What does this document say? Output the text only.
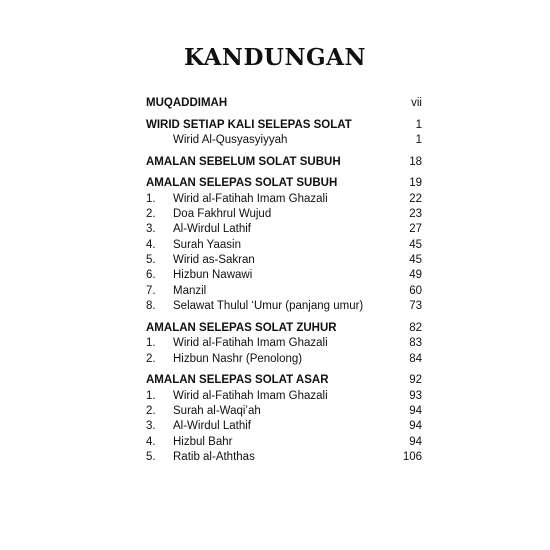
KANDUNGAN
MUQADDIMAH	vii
WIRID SETIAP KALI SELEPAS SOLAT	1
Wirid Al-Qusyasyiyyah	1
AMALAN SEBELUM SOLAT SUBUH	18
AMALAN SELEPAS SOLAT SUBUH	19
1. Wirid al-Fatihah Imam Ghazali	22
2. Doa Fakhrul Wujud	23
3. Al-Wirdul Lathif	27
4. Surah Yaasin	45
5. Wirid as-Sakran	45
6. Hizbun Nawawi	49
7. Manzil	60
8. Selawat Thulul ‘Umur (panjang umur)	73
AMALAN SELEPAS SOLAT ZUHUR	82
1. Wirid al-Fatihah Imam Ghazali	83
2. Hizbun Nashr (Penolong)	84
AMALAN SELEPAS SOLAT ASAR	92
1. Wirid al-Fatihah Imam Ghazali	93
2. Surah al-Waqi’ah	94
3. Al-Wirdul Lathif	94
4. Hizbul Bahr	94
5. Ratib al-Aththas	106
